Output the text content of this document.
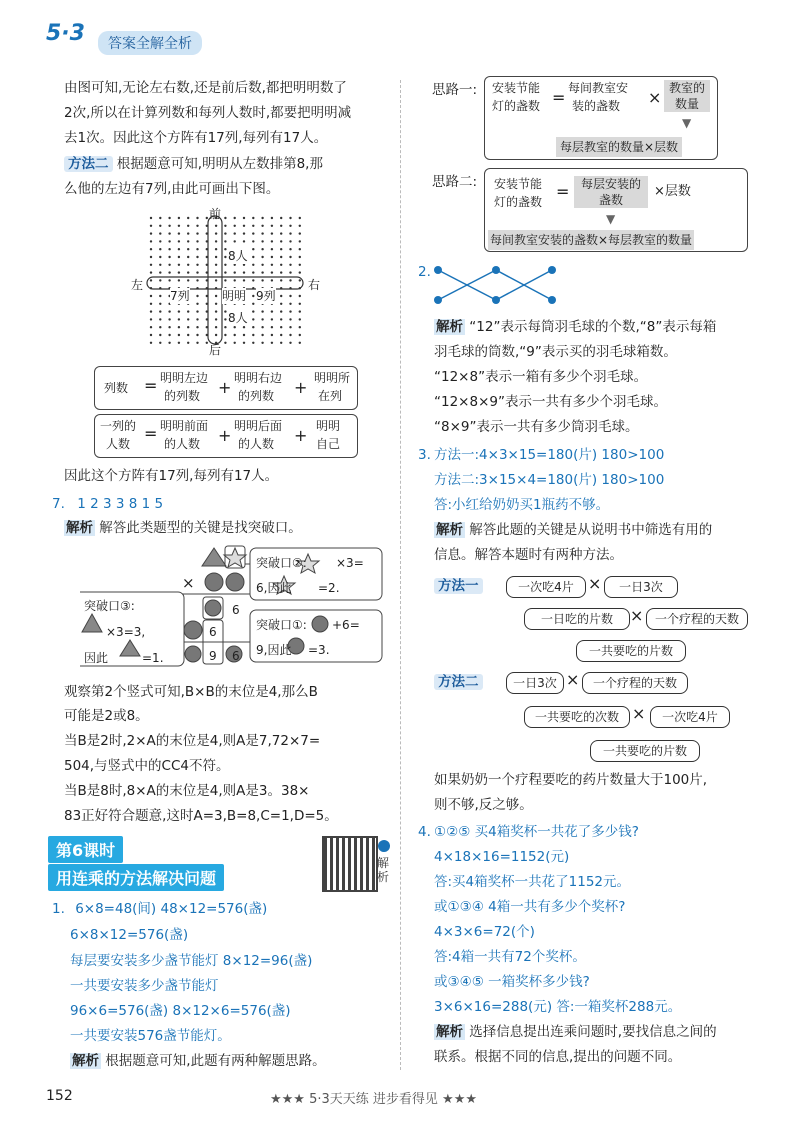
5·3	答案全解全析
由图可知,无论左右数,还是前后数,都把明明数了
2次,所以在计算列数和每列人数时,都要把明明减
去1次。因此这个方阵有17列,每列有17人。
方法二 根据题意可知,明明从左数排第8,那
么他的左边有7列,由此可画出下图。
前
后
左	右
8人
8人
7列	明明 9列
列数 = 明明左边
的列数 + 明明右边
的列数 + 明明所
在列
一列的
人数
= 明明前面
的人数 + 明明后面
的人数 + 明明
自己
因此这个方阵有17列,每列有17人。
7. 1 2 3 3 8 1 5
解析 解答此类题型的关键是找突破口。
×
6
6
9 6
突破口②: ×3=
6,因此 =2.
突破口③:
×3=3,
因此	=1.
突破口①: +6=
9,因此 =3.
观察第2个竖式可知,B×B的末位是4,那么B
可能是2或8。
当B是2时,2×A的末位是4,则A是7,72×7=
504,与竖式中的CC4不符。
当B是8时,8×A的末位是4,则A是3。38×
83正好符合题意,这时A=3,B=8,C=1,D=5。
第6课时
用连乘的方法解决问题
解析
1. 6×8=48(间) 48×12=576(盏)
6×8×12=576(盏)
每层要安装多少盏节能灯 8×12=96(盏)
一共要安装多少盏节能灯
96×6=576(盏) 8×12×6=576(盏)
一共要安装576盏节能灯。
解析 根据题意可知,此题有两种解题思路。
思路一: 安装节能
灯的盏数 = 每间教室安
装的盏数 × 教室的
数量
▼
每层教室的数量×层数
思路二: 安装节能
灯的盏数
= 每层安装的
盏数
×层数
▼
每间教室安装的盏数×每层教室的数量
2.
解析 “12”表示每筒羽毛球的个数,“8”表示每箱
羽毛球的筒数,“9”表示买的羽毛球箱数。
“12×8”表示一箱有多少个羽毛球。
“12×8×9”表示一共有多少个羽毛球。
“8×9”表示一共有多少筒羽毛球。
3. 方法一:4×3×15=180(片) 180>100
方法二:3×15×4=180(片) 180>100
答:小红给奶奶买1瓶药不够。
解析 解答此题的关键是从说明书中筛选有用的
信息。解答本题时有两种方法。
方法一	一次吃4片 ×	一日3次
一日吃的片数	× 一个疗程的天数
一共要吃的片数
方法二	一日3次 ×	一个疗程的天数
一共要吃的次数 ×	一次吃4片
一共要吃的片数
如果奶奶一个疗程要吃的药片数量大于100片,
则不够,反之够。
4. ①②⑤ 买4箱奖杯一共花了多少钱?
4×18×16=1152(元)
答:买4箱奖杯一共花了1152元。
或①③④ 4箱一共有多少个奖杯?
4×3×6=72(个)
答:4箱一共有72个奖杯。
或③④⑤ 一箱奖杯多少钱?
3×6×16=288(元) 答:一箱奖杯288元。
解析 选择信息提出连乘问题时,要找信息之间的
联系。根据不同的信息,提出的问题不同。
152	★★★ 5·3天天练 进步看得见 ★★★
